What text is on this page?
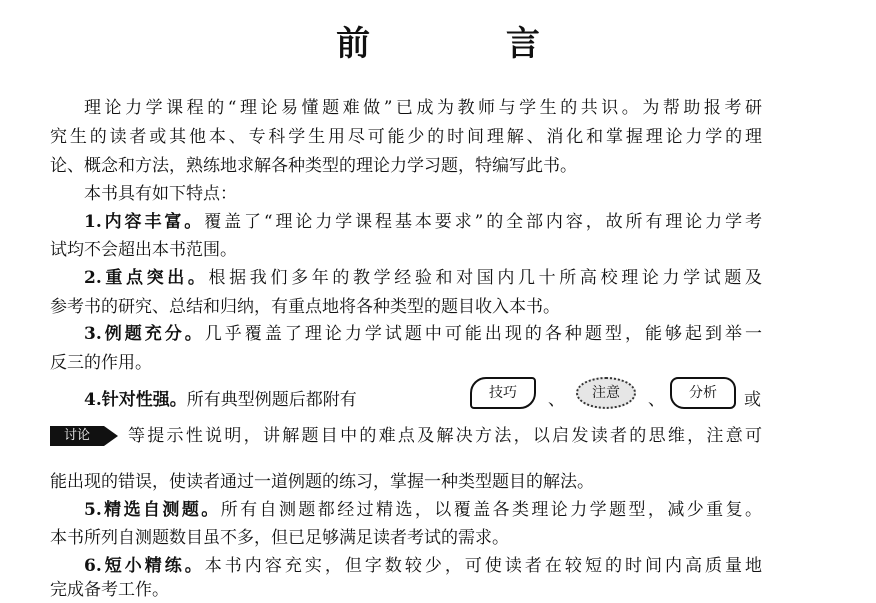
前 言
理论力学课程的“理论易懂题难做”已成为教师与学生的共识。为帮助报考研
究生的读者或其他本、专科学生用尽可能少的时间理解、消化和掌握理论力学的理
论、概念和方法，熟练地求解各种类型的理论力学习题，特编写此书。
本书具有如下特点：
1.内容丰富。覆盖了“理论力学课程基本要求”的全部内容，故所有理论力学考
试均不会超出本书范围。
2.重点突出。根据我们多年的教学经验和对国内几十所高校理论力学试题及
参考书的研究、总结和归纳，有重点地将各种类型的题目收入本书。
3.例题充分。几乎覆盖了理论力学试题中可能出现的各种题型，能够起到举一
反三的作用。
4.针对性强。所有典型例题后都附有	技巧	、	注意	、	分析	或
讨论	等提示性说明，讲解题目中的难点及解决方法，以启发读者的思维，注意可
能出现的错误，使读者通过一道例题的练习，掌握一种类型题目的解法。
5.精选自测题。所有自测题都经过精选，以覆盖各类理论力学题型，减少重复。
本书所列自测题数目虽不多，但已足够满足读者考试的需求。
6.短小精练。本书内容充实，但字数较少，可使读者在较短的时间内高质量地
完成备考工作。
